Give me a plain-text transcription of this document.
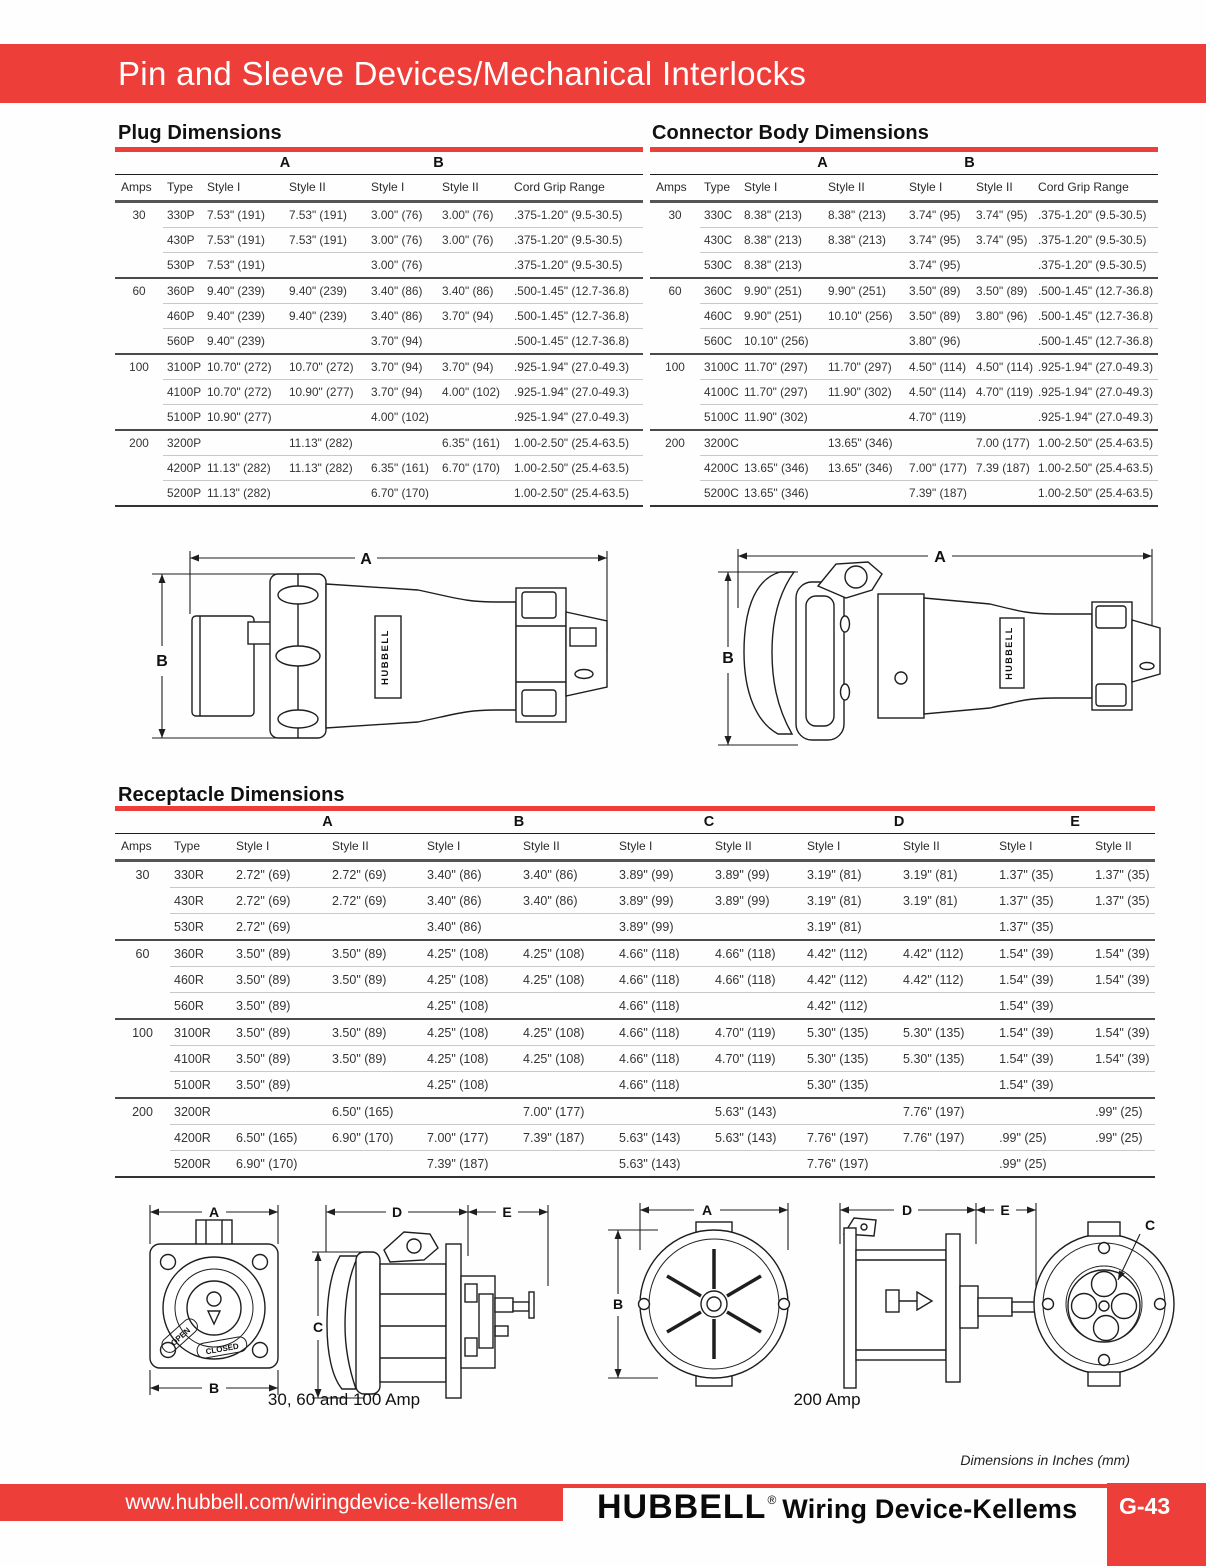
Pin and Sleeve Devices/Mechanical Interlocks
Plug Dimensions
		A		B		
Amps	Type	Style I	Style II	Style I	Style II	Cord Grip Range
30	330P	7.53" (191)	7.53" (191)	3.00" (76)	3.00" (76)	.375-1.20" (9.5-30.5)
	430P	7.53" (191)	7.53" (191)	3.00" (76)	3.00" (76)	.375-1.20" (9.5-30.5)
	530P	7.53" (191)		3.00" (76)		.375-1.20" (9.5-30.5)
60	360P	9.40" (239)	9.40" (239)	3.40" (86)	3.40" (86)	.500-1.45" (12.7-36.8)
	460P	9.40" (239)	9.40" (239)	3.40" (86)	3.70" (94)	.500-1.45" (12.7-36.8)
	560P	9.40" (239)		3.70" (94)		.500-1.45" (12.7-36.8)
100	3100P	10.70" (272)	10.70" (272)	3.70" (94)	3.70" (94)	.925-1.94" (27.0-49.3)
	4100P	10.70" (272)	10.90" (277)	3.70" (94)	4.00" (102)	.925-1.94" (27.0-49.3)
	5100P	10.90" (277)		4.00" (102)		.925-1.94" (27.0-49.3)
200	3200P		11.13" (282)		6.35" (161)	1.00-2.50" (25.4-63.5)
	4200P	11.13" (282)	11.13" (282)	6.35" (161)	6.70" (170)	1.00-2.50" (25.4-63.5)
	5200P	11.13" (282)		6.70" (170)		1.00-2.50" (25.4-63.5)
Connector Body Dimensions
		A		B		
Amps	Type	Style I	Style II	Style I	Style II	Cord Grip Range
30	330C	8.38" (213)	8.38" (213)	3.74" (95)	3.74" (95)	.375-1.20" (9.5-30.5)
	430C	8.38" (213)	8.38" (213)	3.74" (95)	3.74" (95)	.375-1.20" (9.5-30.5)
	530C	8.38" (213)		3.74" (95)		.375-1.20" (9.5-30.5)
60	360C	9.90" (251)	9.90" (251)	3.50" (89)	3.50" (89)	.500-1.45" (12.7-36.8)
	460C	9.90" (251)	10.10" (256)	3.50" (89)	3.80" (96)	.500-1.45" (12.7-36.8)
	560C	10.10" (256)		3.80" (96)		.500-1.45" (12.7-36.8)
100	3100C	11.70" (297)	11.70" (297)	4.50" (114)	4.50" (114)	.925-1.94" (27.0-49.3)
	4100C	11.70" (297)	11.90" (302)	4.50" (114)	4.70" (119)	.925-1.94" (27.0-49.3)
	5100C	11.90" (302)		4.70" (119)		.925-1.94" (27.0-49.3)
200	3200C		13.65" (346)		7.00 (177)	1.00-2.50" (25.4-63.5)
	4200C	13.65" (346)	13.65" (346)	7.00" (177)	7.39 (187)	1.00-2.50" (25.4-63.5)
	5200C	13.65" (346)		7.39" (187)		1.00-2.50" (25.4-63.5)
A
B	HUBBELL
A
B	HUBBELL
Receptacle Dimensions
		A		B		C		D		E	
Amps	Type	Style I	Style II	Style I	Style II	Style I	Style II	Style I	Style II	Style I	Style II
30	330R	2.72" (69)	2.72" (69)	3.40" (86)	3.40" (86)	3.89" (99)	3.89" (99)	3.19" (81)	3.19" (81)	1.37" (35)	1.37" (35)
	430R	2.72" (69)	2.72" (69)	3.40" (86)	3.40" (86)	3.89" (99)	3.89" (99)	3.19" (81)	3.19" (81)	1.37" (35)	1.37" (35)
	530R	2.72" (69)		3.40" (86)		3.89" (99)		3.19" (81)		1.37" (35)	
60	360R	3.50" (89)	3.50" (89)	4.25" (108)	4.25" (108)	4.66" (118)	4.66" (118)	4.42" (112)	4.42" (112)	1.54" (39)	1.54" (39)
	460R	3.50" (89)	3.50" (89)	4.25" (108)	4.25" (108)	4.66" (118)	4.66" (118)	4.42" (112)	4.42" (112)	1.54" (39)	1.54" (39)
	560R	3.50" (89)		4.25" (108)		4.66" (118)		4.42" (112)		1.54" (39)	
100	3100R	3.50" (89)	3.50" (89)	4.25" (108)	4.25" (108)	4.66" (118)	4.70" (119)	5.30" (135)	5.30" (135)	1.54" (39)	1.54" (39)
	4100R	3.50" (89)	3.50" (89)	4.25" (108)	4.25" (108)	4.66" (118)	4.70" (119)	5.30" (135)	5.30" (135)	1.54" (39)	1.54" (39)
	5100R	3.50" (89)		4.25" (108)		4.66" (118)		5.30" (135)		1.54" (39)	
200	3200R		6.50" (165)		7.00" (177)		5.63" (143)		7.76" (197)		.99" (25)
	4200R	6.50" (165)	6.90" (170)	7.00" (177)	7.39" (187)	5.63" (143)	5.63" (143)	7.76" (197)	7.76" (197)	.99" (25)	.99" (25)
	5200R	6.90" (170)		7.39" (187)		5.63" (143)		7.76" (197)		.99" (25)	
A
OPEN
CLOSED
B
D	E
C
30, 60 and 100 Amp
A
B
D	E
C
200 Amp
Dimensions in Inches (mm)
www.hubbell.com/wiringdevice-kellems/en	HUBBELL ® Wiring Device-Kellems	G-43
